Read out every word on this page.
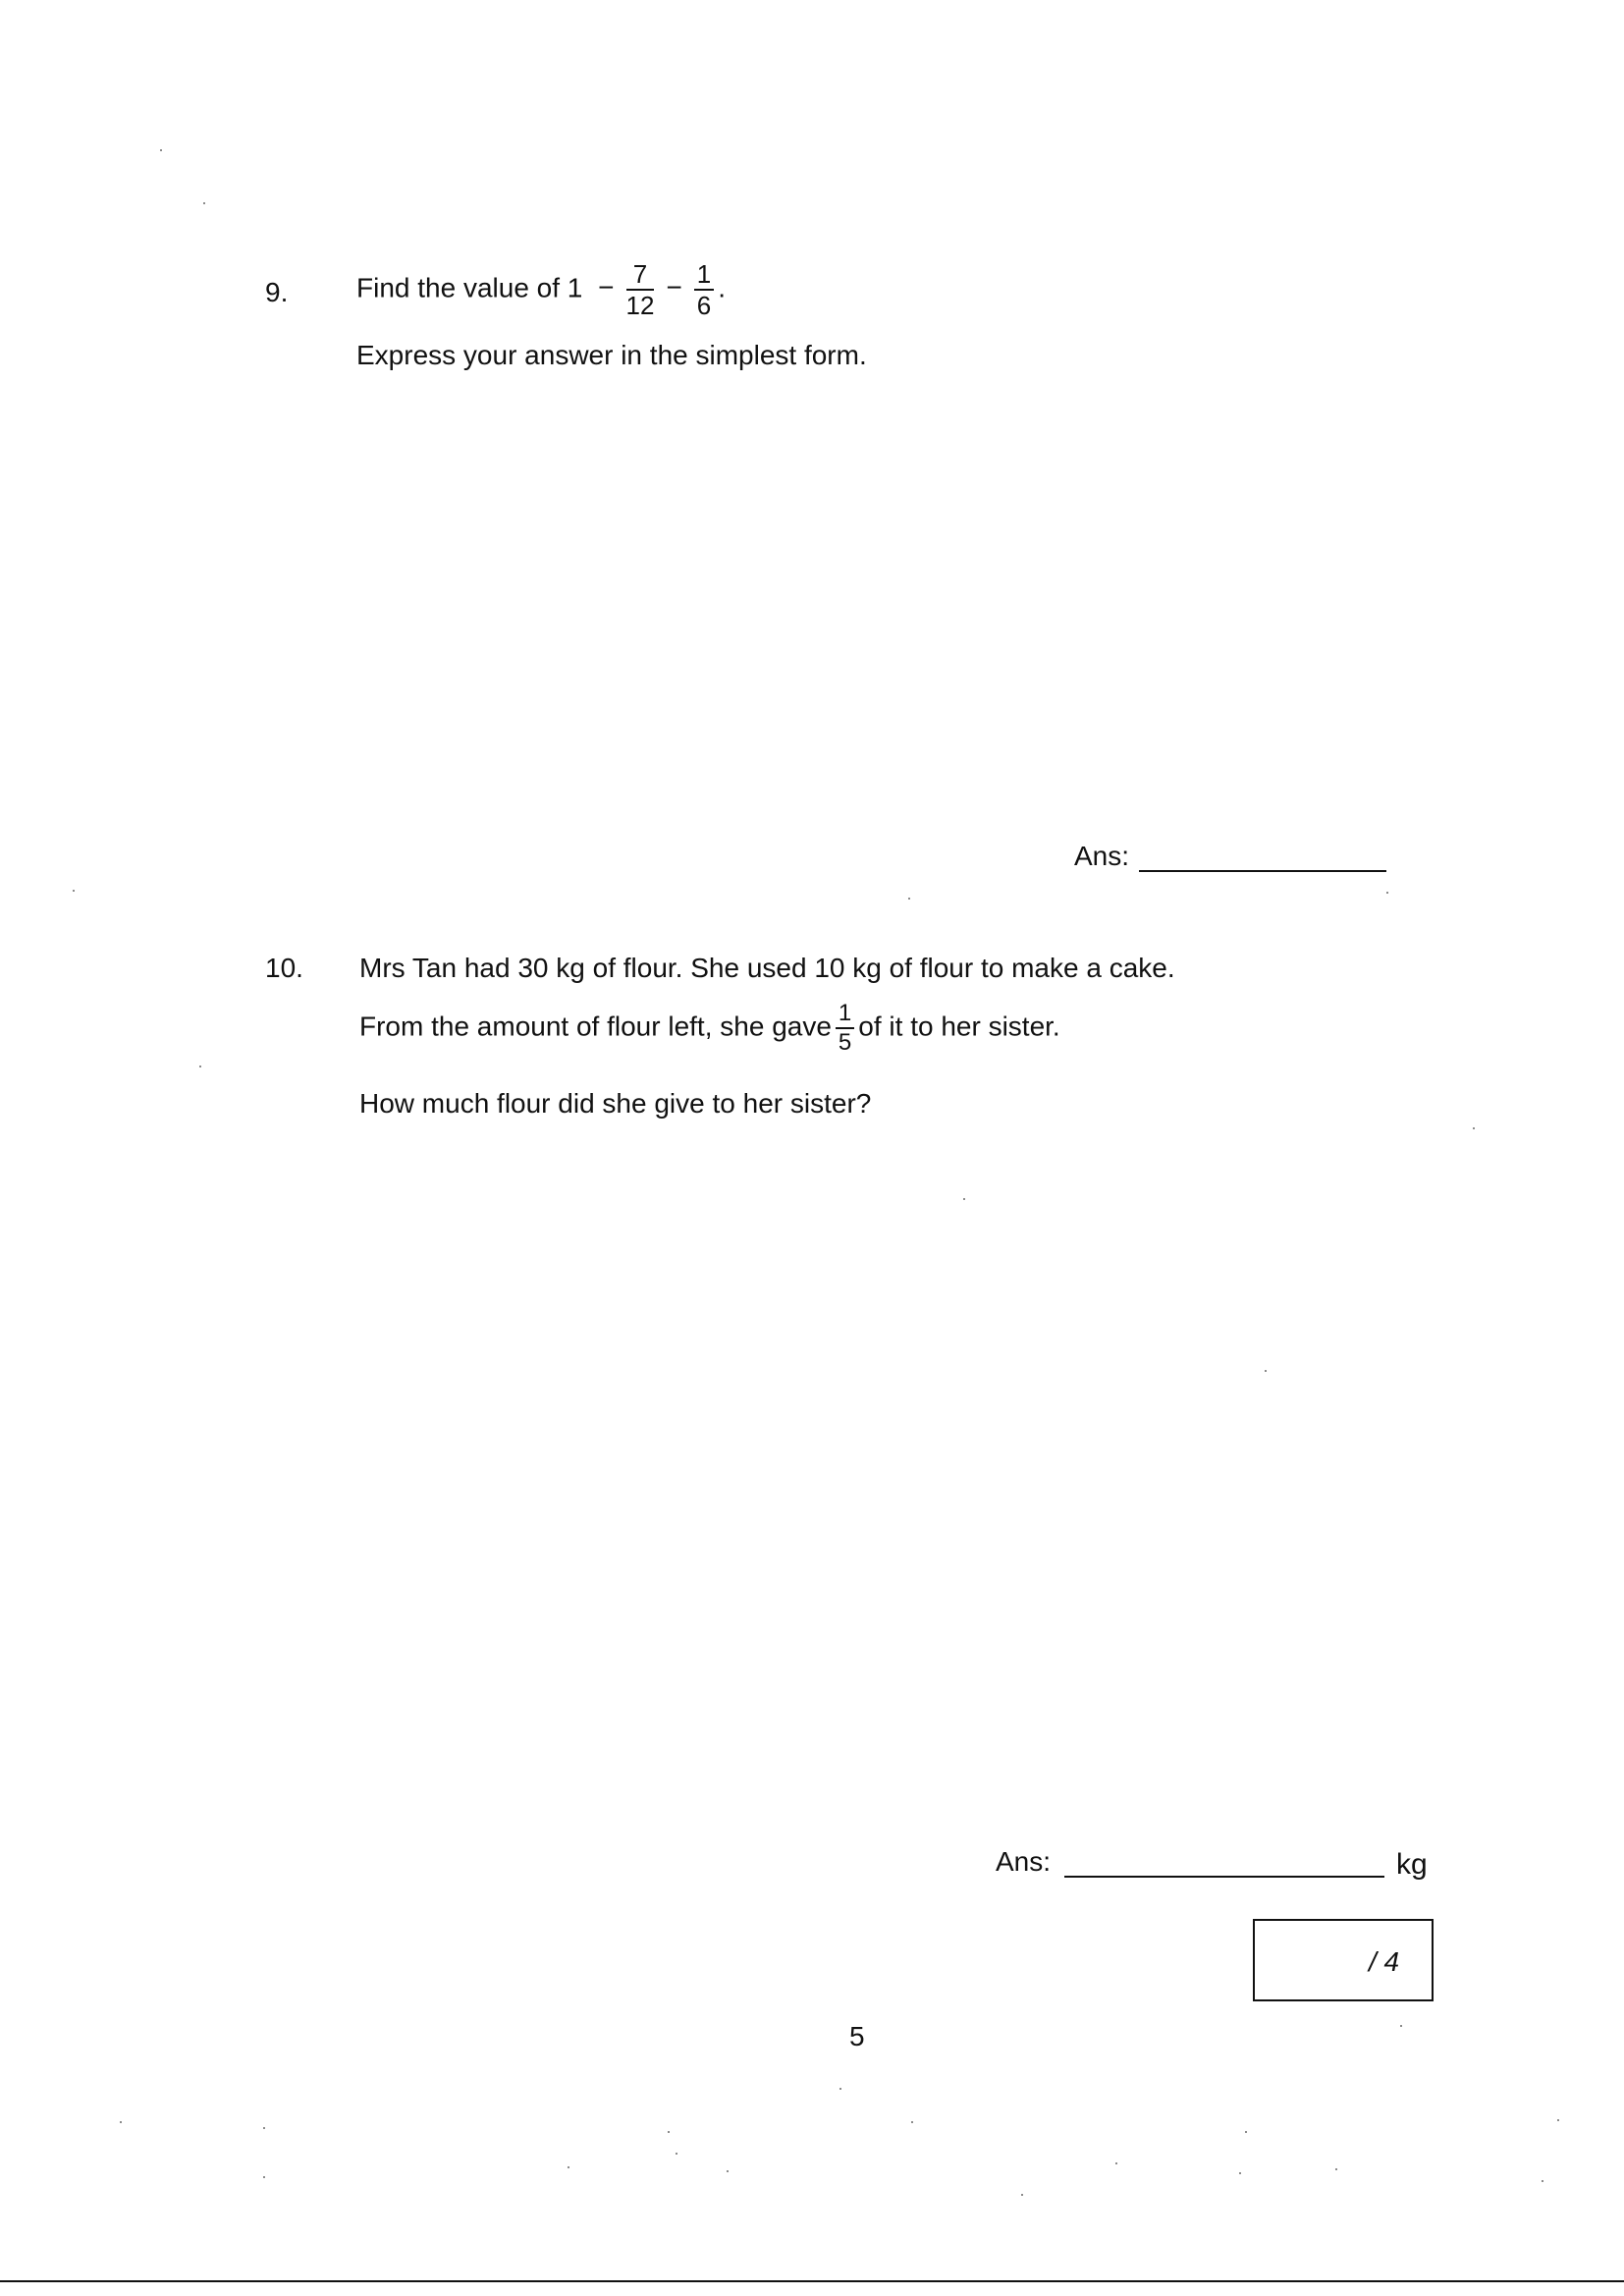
9. Find the value of $1 - \frac{7}{12} - \frac{1}{6}$ .
Express your answer in the simplest form.
Ans:
10. Mrs Tan had 30 kg of flour. She used 10 kg of flour to make a cake.
From the amount of flour left, she gave $\frac{1}{5}$ of it to her sister.
How much flour did she give to her sister?
Ans:	kg
/ 4
5
